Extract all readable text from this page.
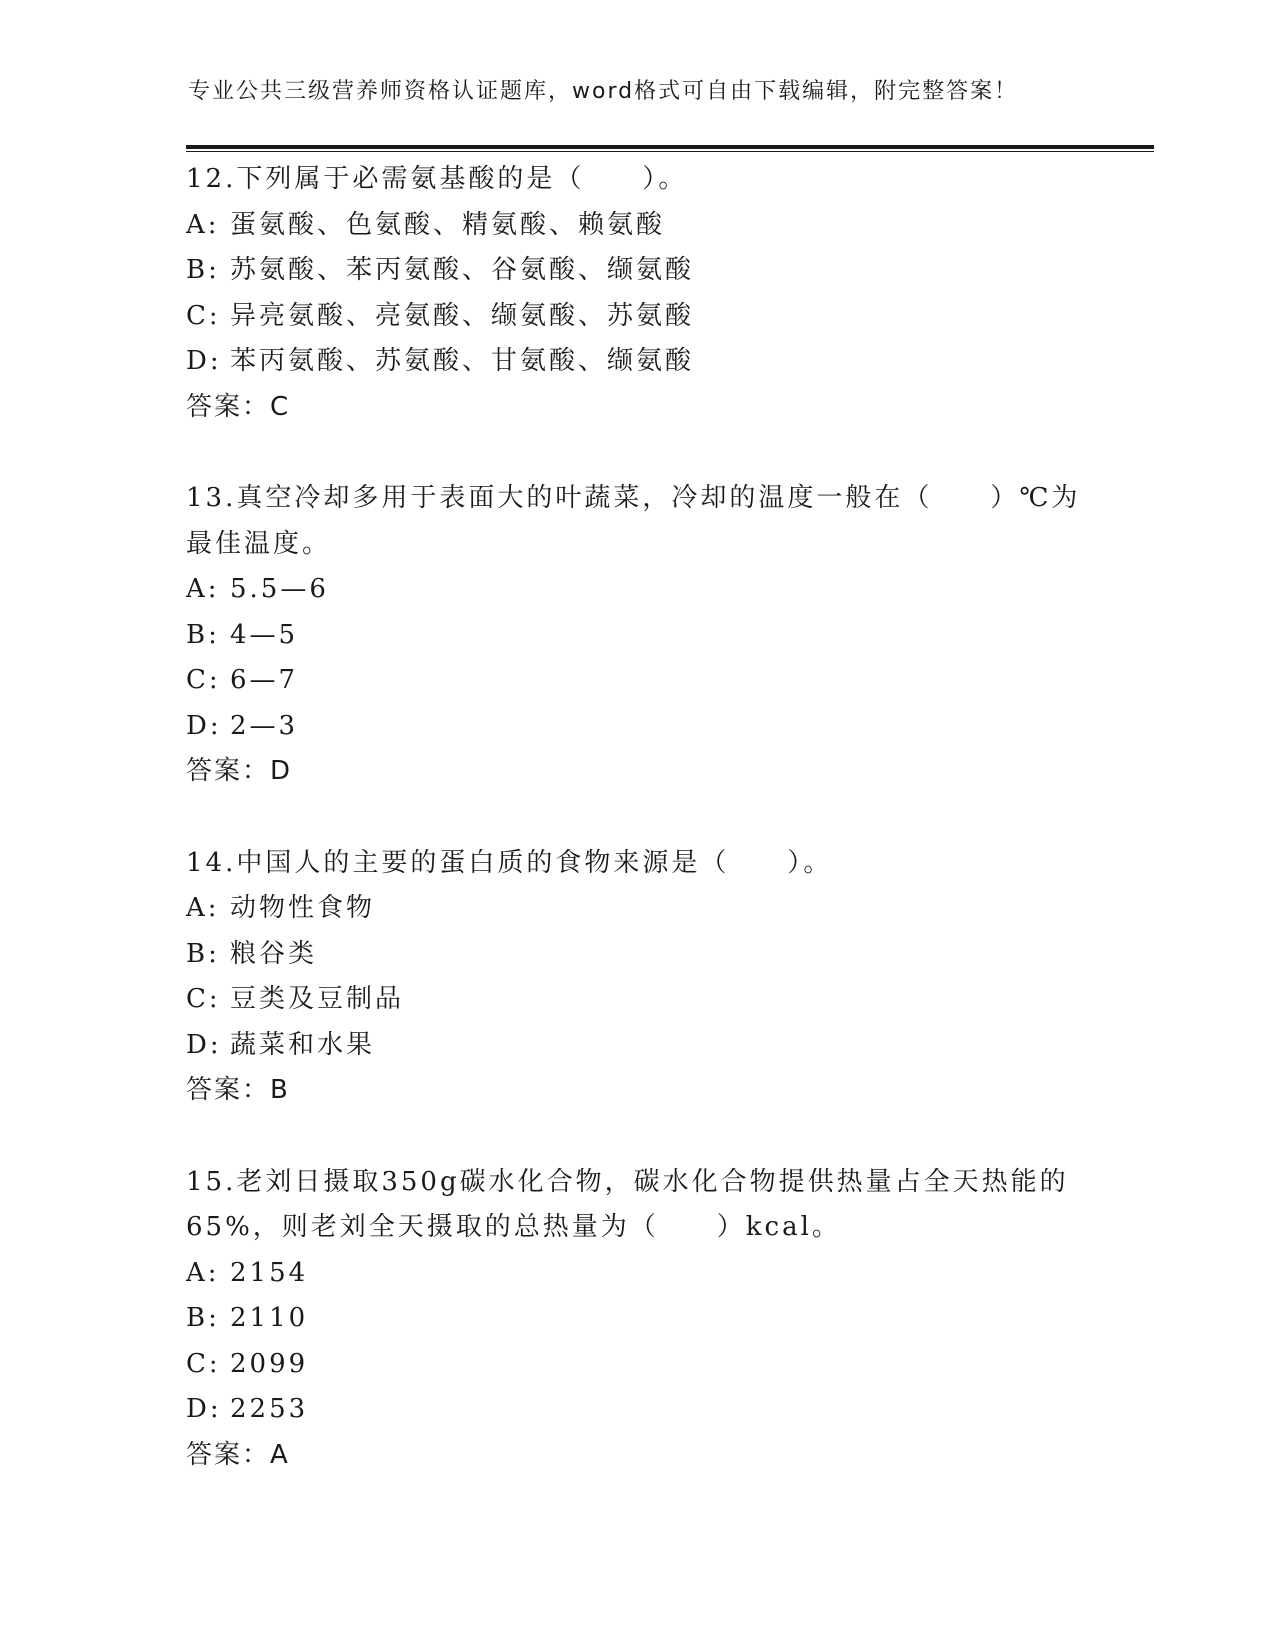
专业公共三级营养师资格认证题库，word格式可自由下载编辑，附完整答案！
12.下列属于必需氨基酸的是（　　）。
A: 蛋氨酸、色氨酸、精氨酸、赖氨酸
B: 苏氨酸、苯丙氨酸、谷氨酸、缬氨酸
C: 异亮氨酸、亮氨酸、缬氨酸、苏氨酸
D: 苯丙氨酸、苏氨酸、甘氨酸、缬氨酸
答案：C
13.真空冷却多用于表面大的叶蔬菜，冷却的温度一般在（　　）℃为
最佳温度。
A: 5.5—6
B: 4—5
C: 6—7
D: 2—3
答案：D
14.中国人的主要的蛋白质的食物来源是（　　）。
A: 动物性食物
B: 粮谷类
C: 豆类及豆制品
D: 蔬菜和水果
答案：B
15.老刘日摄取350g碳水化合物，碳水化合物提供热量占全天热能的
65%，则老刘全天摄取的总热量为（　　）kcal。
A: 2154
B: 2110
C: 2099
D: 2253
答案：A
